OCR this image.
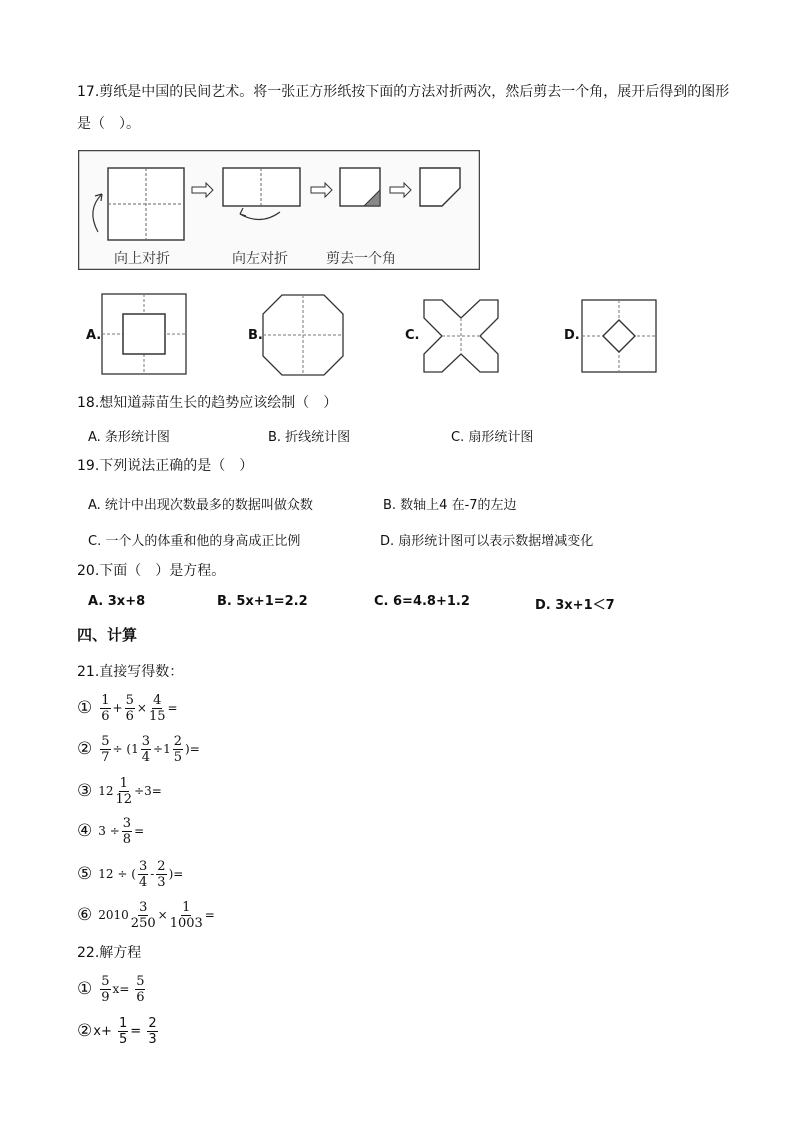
17.剪纸是中国的民间艺术。将一张正方形纸按下面的方法对折两次，然后剪去一个角，展开后得到的图形
是（　）。
向上对折	向左对折	剪去一个角
A.	B.	C.	D.
18.想知道蒜苗生长的趋势应该绘制（　）
A. 条形统计图	B. 折线统计图	C. 扇形统计图
19.下列说法正确的是（　）
A. 统计中出现次数最多的数据叫做众数	B. 数轴上4 在-7的左边
C. 一个人的体重和他的身高成正比例	D. 扇形统计图可以表示数据增减变化
20.下面（　）是方程。
A. 3x+8	B. 5x+1=2.2	C. 6=4.8+1.2	D. 3x+1＜7
四、计算
21.直接写得数：
① $\frac{1}{6} + \frac{5}{6} \times \frac{4}{15}$ =
② $\frac{5}{7}$ ÷
( $1 \frac{3}{4} \div 1 \frac{2}{5}$ ) =
③ $12 \frac{1}{12} \div 3$ =
④ 3
÷ $\frac{3}{8}$ =
⑤ 12
÷
( $\frac{3}{4} - \frac{2}{3}$ ) =
⑥ $2010 \frac{3}{250} \times \frac{1}{1003}$ =
22.解方程
① $\frac{5}{9}$ x =
$\frac{5}{6}$
② x +
$\frac{1}{5}$ =
$\frac{2}{3}$
